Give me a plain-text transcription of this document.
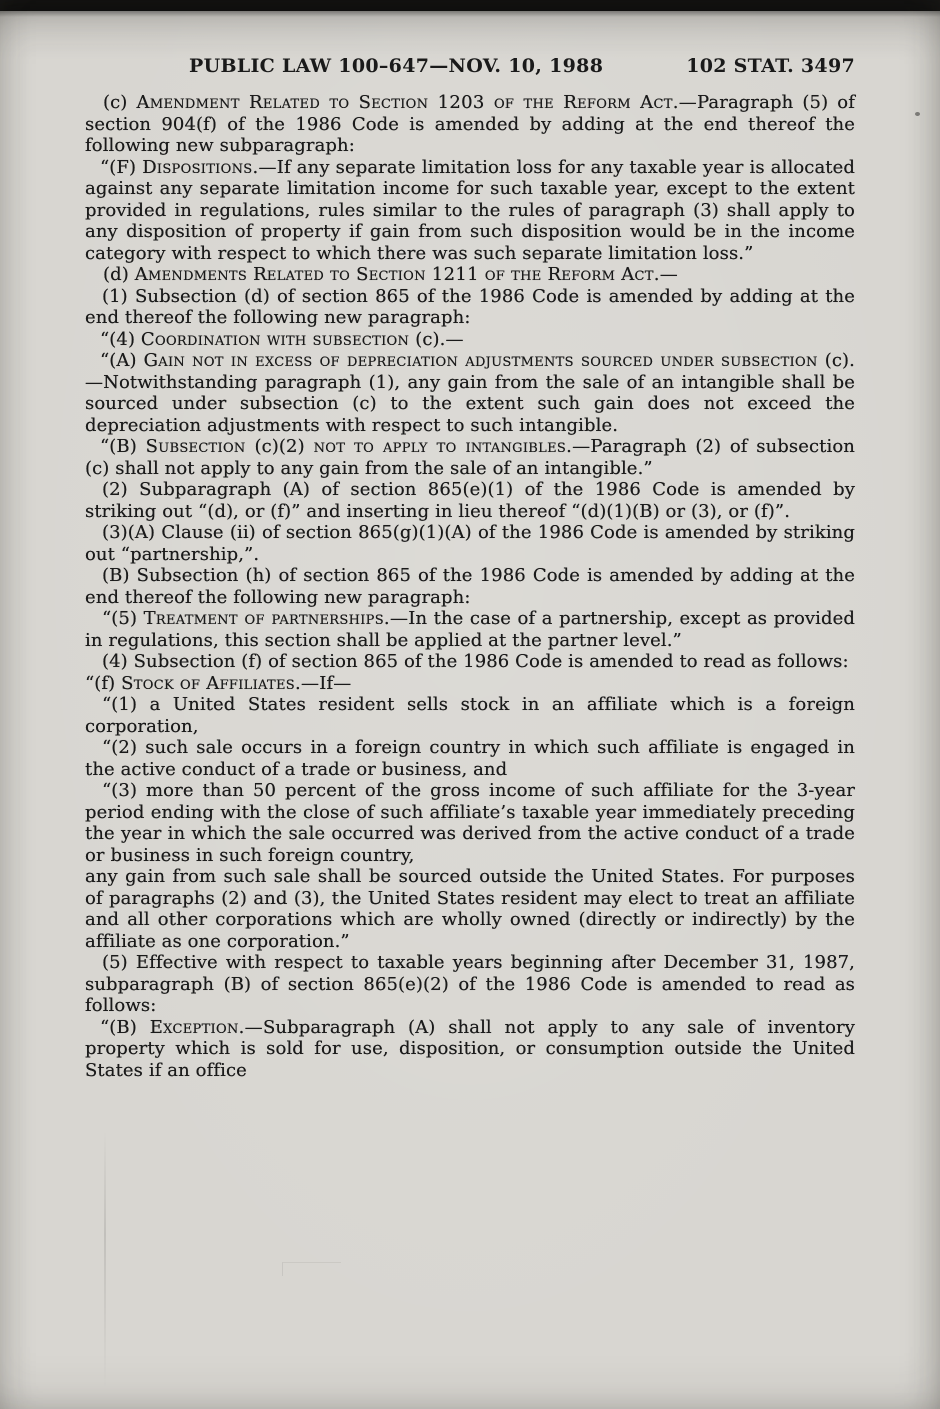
PUBLIC LAW 100–647—NOV. 10, 1988	102 STAT. 3497

(c) Amendment Related to Section 1203 of the Reform Act.—Paragraph (5) of section 904(f) of the 1986 Code is amended by adding at the end thereof the following new subparagraph:

“(F) Dispositions.—If any separate limitation loss for any taxable year is allocated against any separate limitation income for such taxable year, except to the extent provided in regulations, rules similar to the rules of paragraph (3) shall apply to any disposition of property if gain from such disposition would be in the income category with respect to which there was such separate limitation loss.”

(d) Amendments Related to Section 1211 of the Reform Act.—

(1) Subsection (d) of section 865 of the 1986 Code is amended by adding at the end thereof the following new paragraph:

“(4) Coordination with subsection (c).—

“(A) Gain not in excess of depreciation adjustments sourced under subsection (c).—Notwithstanding paragraph (1), any gain from the sale of an intangible shall be sourced under subsection (c) to the extent such gain does not exceed the depreciation adjustments with respect to such intangible.

“(B) Subsection (c)(2) not to apply to intangibles.—Paragraph (2) of subsection (c) shall not apply to any gain from the sale of an intangible.”

(2) Subparagraph (A) of section 865(e)(1) of the 1986 Code is amended by striking out “(d), or (f)” and inserting in lieu thereof “(d)(1)(B) or (3), or (f)”.

(3)(A) Clause (ii) of section 865(g)(1)(A) of the 1986 Code is amended by striking out “partnership,”.

(B) Subsection (h) of section 865 of the 1986 Code is amended by adding at the end thereof the following new paragraph:

“(5) Treatment of partnerships.—In the case of a partnership, except as provided in regulations, this section shall be applied at the partner level.”

(4) Subsection (f) of section 865 of the 1986 Code is amended to read as follows:

“(f) Stock of Affiliates.—If—

“(1) a United States resident sells stock in an affiliate which is a foreign corporation,

“(2) such sale occurs in a foreign country in which such affiliate is engaged in the active conduct of a trade or business, and

“(3) more than 50 percent of the gross income of such affiliate for the 3-year period ending with the close of such affiliate’s taxable year immediately preceding the year in which the sale occurred was derived from the active conduct of a trade or business in such foreign country,

any gain from such sale shall be sourced outside the United States. For purposes of paragraphs (2) and (3), the United States resident may elect to treat an affiliate and all other corporations which are wholly owned (directly or indirectly) by the affiliate as one corporation.”

(5) Effective with respect to taxable years beginning after December 31, 1987, subparagraph (B) of section 865(e)(2) of the 1986 Code is amended to read as follows:

“(B) Exception.—Subparagraph (A) shall not apply to any sale of inventory property which is sold for use, disposition, or consumption outside the United States if an office
